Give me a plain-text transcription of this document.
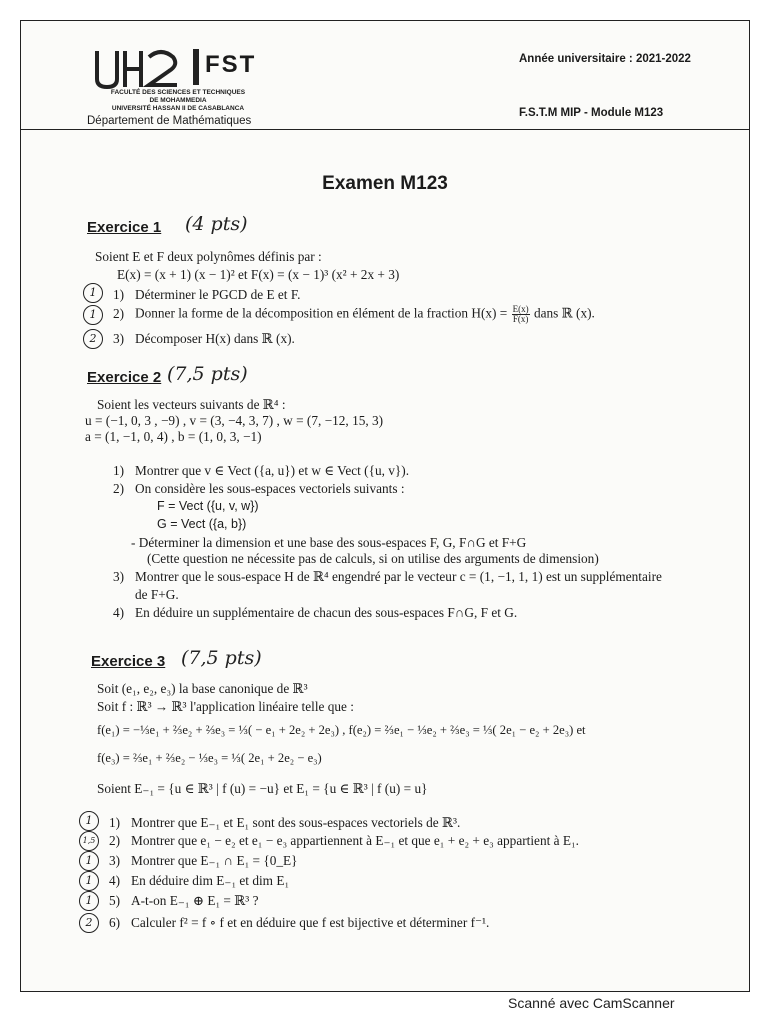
FST
FACULTÉ DES SCIENCES ET TECHNIQUES
DE MOHAMMEDIA
UNIVERSITÉ HASSAN II DE CASABLANCA
Département de Mathématiques
Année universitaire : 2021-2022
F.S.T.M MIP - Module M123
Examen M123
Exercice 1 (4 pts)
Soient E et F deux polynômes définis par :
E(x) = (x + 1) (x − 1)² et F(x) = (x − 1)³ (x² + 2x + 3)
1	1) Déterminer le PGCD de E et F.
1	2) Donner la forme de la décomposition en élément de la fraction $H(x) = \frac{E(x)}{F(x)}$ dans ℝ (x).
2	3) Décomposer H(x) dans ℝ (x).
Exercice 2 (7,5 pts)
Soient les vecteurs suivants de ℝ⁴ :
u = (−1, 0, 3 , −9) , v = (3, −4, 3, 7) , w = (7, −12, 15, 3)
a = (1, −1, 0, 4) , b = (1, 0, 3, −1)
1) Montrer que v ∈ Vect ({a, u}) et w ∈ Vect ({u, v}).
2) On considère les sous-espaces vectoriels suivants :
F = Vect ({u, v, w})
G = Vect ({a, b})
- Déterminer la dimension et une base des sous-espaces F, G, F∩G et F+G
(Cette question ne nécessite pas de calculs, si on utilise des arguments de dimension)
3) Montrer que le sous-espace H de ℝ⁴ engendré par le vecteur c = (1, −1, 1, 1) est un supplémentaire
de F+G.
4) En déduire un supplémentaire de chacun des sous-espaces F∩G, F et G.
Exercice 3 (7,5 pts)
Soit (e₁, e₂, e₃) la base canonique de ℝ³
Soit f : ℝ³ → ℝ³ l'application linéaire telle que :
f(e₁) = −⅓e₁ + ⅔e₂ + ⅔e₃ = ⅓( − e₁ + 2e₂ + 2e₃) , f(e₂) = ⅔e₁ − ⅓e₂ + ⅔e₃ = ⅓( 2e₁ − e₂ + 2e₃) et
f(e₃) = ⅔e₁ + ⅔e₂ − ⅓e₃ = ⅓( 2e₁ + 2e₂ − e₃)
Soient E₋₁ = {u ∈ ℝ³ | f (u) = −u} et E₁ = {u ∈ ℝ³ | f (u) = u}
1	1) Montrer que E₋₁ et E₁ sont des sous-espaces vectoriels de ℝ³.
1,5 2) Montrer que e₁ − e₂ et e₁ − e₃ appartiennent à E₋₁ et que e₁ + e₂ + e₃ appartient à E₁.
1	3) Montrer que E₋₁ ∩ E₁ = {0_E}
1	4) En déduire dim E₋₁ et dim E₁
1	5) A-t-on E₋₁ ⊕ E₁ = ℝ³ ?
2	6) Calculer f² = f ∘ f et en déduire que f est bijective et déterminer f⁻¹.
Scanné avec CamScanner
